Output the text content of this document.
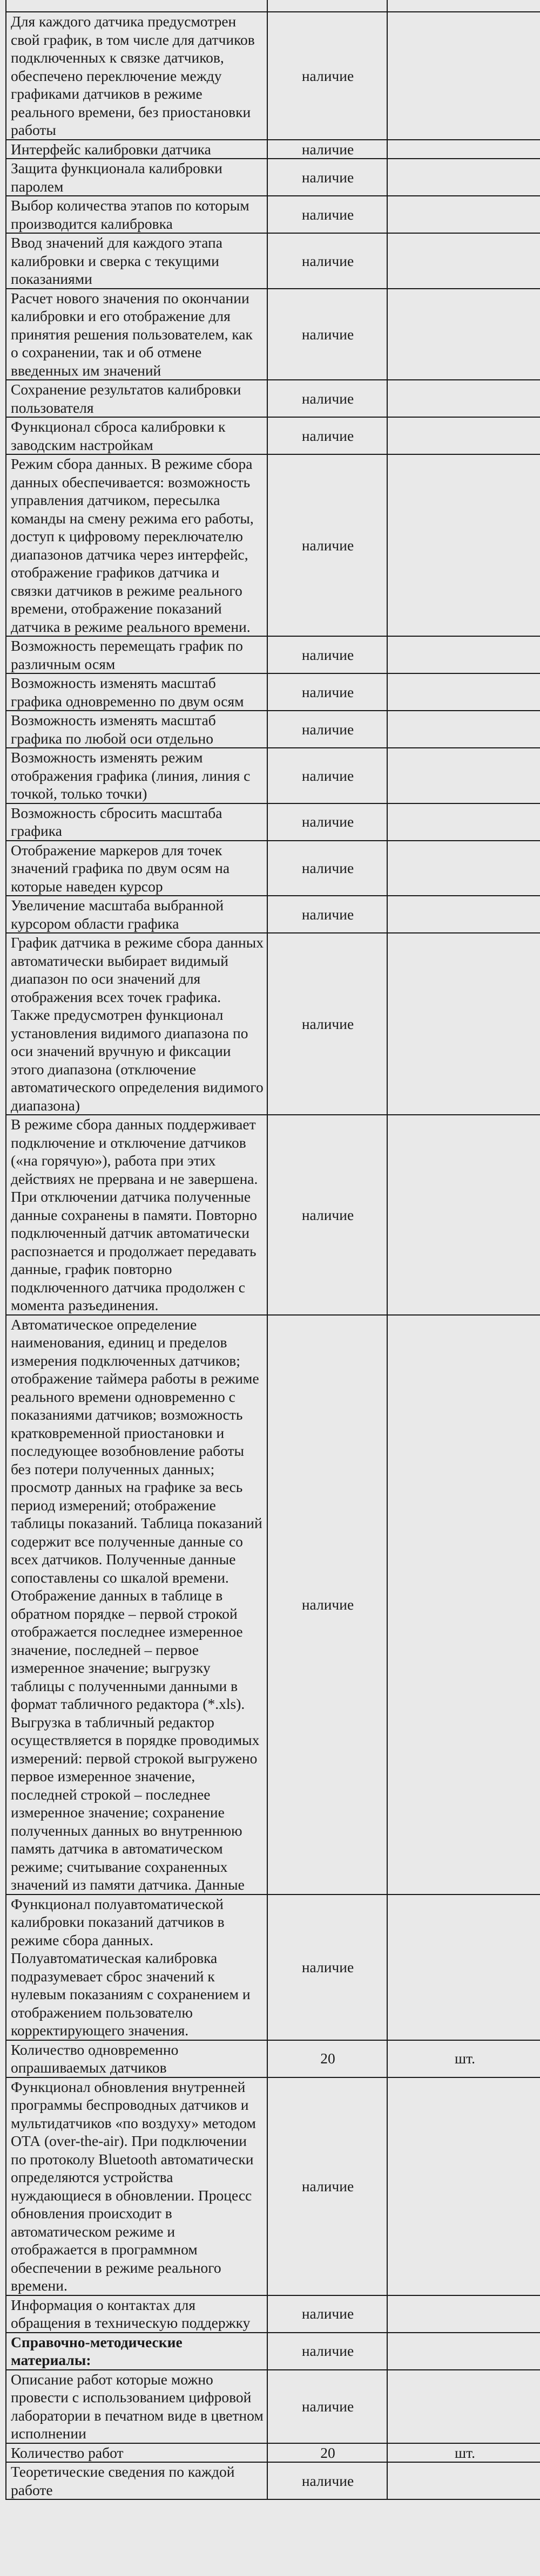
Для каждого датчика предусмотрен свой график, в том числе для датчиков подключенных к связке датчиков, обеспечено переключение между графиками датчиков в режиме реального времени, без приостановки работы	наличие	

Интерфейс калибровки датчика	наличие	

Защита функционала калибровки паролем	наличие	

Выбор количества этапов по которым производится калибровка	наличие	

Ввод значений для каждого этапа калибровки и сверка с текущими показаниями	наличие	

Расчет нового значения по окончании калибровки и его отображение для принятия решения пользователем, как о сохранении, так и об отмене введенных им значений	наличие	

Сохранение результатов калибровки пользователя	наличие	

Функционал сброса калибровки к заводским настройкам	наличие	

Режим сбора данных. В режиме сбора данных обеспечивается: возможность управления датчиком, пересылка команды на смену режима его работы, доступ к цифровому переключателю диапазонов датчика через интерфейс, отображение графиков датчика и связки датчиков в режиме реального времени, отображение показаний датчика в режиме реального времени.	наличие	

Возможность перемещать график по различным осям	наличие	

Возможность изменять масштаб графика одновременно по двум осям	наличие	

Возможность изменять масштаб графика по любой оси отдельно	наличие	

Возможность изменять режим отображения графика (линия, линия с точкой, только точки)	наличие	

Возможность сбросить масштаба графика	наличие	

Отображение маркеров для точек значений графика по двум осям на которые наведен курсор	наличие	

Увеличение масштаба выбранной курсором области графика	наличие	

График датчика в режиме сбора данных автоматически выбирает видимый диапазон по оси значений для отображения всех точек графика. Также предусмотрен функционал установления видимого диапазона по оси значений вручную и фиксации этого диапазона (отключение автоматического определения видимого диапазона)	наличие	

В режиме сбора данных поддерживает подключение и отключение датчиков («на горячую»), работа при этих действиях не прервана и не завершена. При отключении датчика полученные данные сохранены в памяти. Повторно подключенный датчик автоматически распознается и продолжает передавать данные, график повторно подключенного датчика продолжен с момента разъединения.	наличие	

Автоматическое определение наименования, единиц и пределов измерения подключенных датчиков; отображение таймера работы в режиме реального времени одновременно с показаниями датчиков; возможность кратковременной приостановки и последующее возобновление работы без потери полученных данных; просмотр данных на графике за весь период измерений; отображение таблицы показаний. Таблица показаний содержит все полученные данные со всех датчиков. Полученные данные сопоставлены со шкалой времени. Отображение данных в таблице в обратном порядке – первой строкой отображается последнее измеренное значение, последней – первое измеренное значение; выгрузку таблицы с полученными данными в формат табличного редактора (*.xls). Выгрузка в табличный редактор осуществляется в порядке проводимых измерений: первой строкой выгружено первое измеренное значение, последней строкой – последнее измеренное значение; сохранение полученных данных во внутреннюю память датчика в автоматическом режиме; считывание сохраненных значений из памяти датчика. Данные	наличие	

Функционал полуавтоматической калибровки показаний датчиков в режиме сбора данных. Полуавтоматическая калибровка подразумевает сброс значений к нулевым показаниям с сохранением и отображением пользователю корректирующего значения.	наличие	

Количество одновременно опрашиваемых датчиков	20	шт.

Функционал обновления внутренней программы беспроводных датчиков и мультидатчиков «по воздуху» методом ОТА (over-the-air). При подключении по протоколу Bluetooth автоматически определяются устройства нуждающиеся в обновлении. Процесс обновления происходит в автоматическом режиме и отображается в программном обеспечении в режиме реального времени.	наличие	

Информация о контактах для обращения в техническую поддержку	наличие	

Справочно-методические материалы:	наличие	

Описание работ которые можно провести с использованием цифровой лаборатории в печатном виде в цветном исполнении	наличие	

Количество работ	20	шт.

Теоретические сведения по каждой работе	наличие	
